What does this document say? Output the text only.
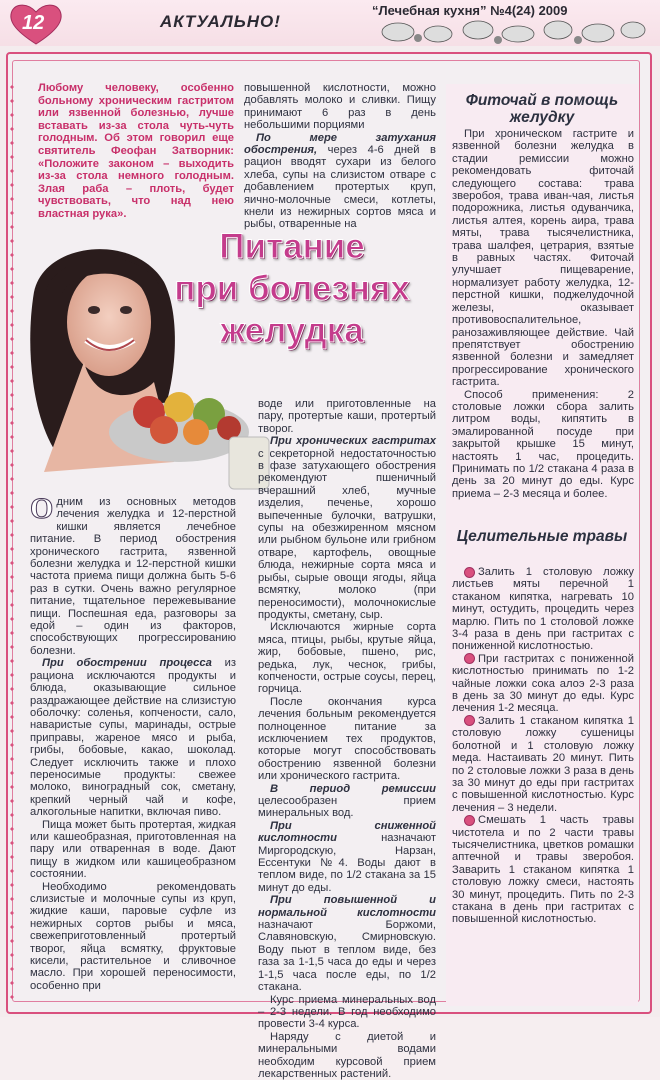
12	АКТУАЛЬНО!
“Лечебная кухня” №4(24) 2009
Любому человеку, особенно больному хроническим гастритом или язвенной болезнью, лучше вставать из-за стола чуть-чуть голодным. Об этом говорил еще святитель Феофан Затворник: «Положите законом – выходить из-за стола немного голодным. Злая раба – плоть, будет чувствовать, что над нею властная рука».

повышенной кислотности, можно добавлять молоко и сливки. Пищу принимают 6 раз в день небольшими порциями

По мере затухания обострения, через 4-6 дней в рацион вводят сухари из белого хлеба, супы на слизистом отваре с добавлением протертых круп, яично-молочные смеси, котлеты, кнели из нежирных сортов мяса и рыбы, отваренные на

Питание
при болезнях
желудка

Одним из основных методов лечения желудка и 12-перстной кишки является лечебное питание. В период обострения хронического гастрита, язвенной болезни желудка и 12-перстной кишки частота приема пищи должна быть 5-6 раз в сутки. Очень важно регулярное питание, тщательное пережевывание пищи. Поспешная еда, разговоры за едой – один из факторов, способствующих прогрессированию болезни.

При обострении процесса из рациона исключаются продукты и блюда, оказывающие сильное раздражающее действие на слизистую оболочку: соленья, копчености, сало, наваристые супы, маринады, острые приправы, жареное мясо и рыба, грибы, бобовые, какао, шоколад. Следует исключить также и плохо переносимые продукты: свежее молоко, виноградный сок, сметану, крепкий черный чай и кофе, алкогольные напитки, включая пиво.

Пища может быть протертая, жидкая или кашеобразная, приготовленная на пару или отваренная в воде. Дают пищу в жидком или кашицеобразном состоянии.

Необходимо рекомендовать слизистые и молочные супы из круп, жидкие каши, паровые суфле из нежирных сортов рыбы и мяса, свежеприготовленный протертый творог, яйца всмятку, фруктовые кисели, растительное и сливочное масло. При хорошей переносимости, особенно при

воде или приготовленные на пару, протертые каши, протертый творог.

При хронических гастритах с секреторной недостаточностью в фазе затухающего обострения рекомендуют пшеничный вчерашний хлеб, мучные изделия, печенье, хорошо выпеченные булочки, ватрушки, супы на обезжиренном мясном или рыбном бульоне или грибном отваре, картофель, овощные блюда, нежирные сорта мяса и рыбы, сырые овощи ягоды, яйца всмятку, молоко (при переносимости), молочнокислые продукты, сметану, сыр.

Исключаются жирные сорта мяса, птицы, рыбы, крутые яйца, жир, бобовые, пшено, рис, редька, лук, чеснок, грибы, копчености, острые соусы, перец, горчица.

После окончания курса лечения больным рекомендуется полноценное питание за исключением тех продуктов, которые могут способствовать обострению язвенной болезни или хронического гастрита.

В период ремиссии целесообразен прием минеральных вод.

При сниженной кислотности назначают Миргородскую, Нарзан, Ессентуки №4. Воды дают в теплом виде, по 1/2 стакана за 15 минут до еды.

При повышенной и нормальной кислотности назначают Боржоми, Славяновскую, Смирновскую. Воду пьют в теплом виде, без газа за 1-1,5 часа до еды и через 1-1,5 часа после еды, по 1/2 стакана.

Курс приема минеральных вод – 2-3 недели. В год необходимо провести 3-4 курса.

Наряду с диетой и минеральными водами необходим курсовой прием лекарственных растений.

Фиточай в помощь желудку

При хроническом гастрите и язвенной болезни желудка в стадии ремиссии можно рекомендовать фиточай следующего состава: трава зверобоя, трава иван-чая, листья подорожника, листья одуванчика, листья алтея, корень аира, трава мяты, трава тысячелистника, трава шалфея, цетрария, взятые в равных частях. Фиточай улучшает пищеварение, нормализует работу желудка, 12-перстной кишки, поджелудочной железы, оказывает противовоспалительное, ранозаживляющее действие. Чай препятствует обострению язвенной болезни и замедляет прогрессирование хронического гастрита.

Способ применения: 2 столовые ложки сбора залить литром воды, кипятить в эмалированной посуде при закрытой крышке 15 минут, настоять 1 час, процедить. Принимать по 1/2 стакана 4 раза в день за 20 минут до еды. Курс приема – 2-3 месяца и более.

Целительные травы

Залить 1 столовую ложку листьев мяты перечной 1 стаканом кипятка, нагревать 10 минут, остудить, процедить через марлю. Пить по 1 столовой ложке 3-4 раза в день при гастритах с пониженной кислотностью.

При гастритах с пониженной кислотностью принимать по 1-2 чайные ложки сока алоэ 2-3 раза в день за 30 минут до еды. Курс лечения 1-2 месяца.

Залить 1 стаканом кипятка 1 столовую ложку сушеницы болотной и 1 столовую ложку меда. Настаивать 20 минут. Пить по 2 столовые ложки 3 раза в день за 30 минут до еды при гастритах с повышенной кислотностью. Курс лечения – 3 недели.

Смешать 1 часть травы чистотела и по 2 части травы тысячелистника, цветков ромашки аптечной и травы зверобоя. Заварить 1 стаканом кипятка 1 столовую ложку смеси, настоять 30 минут, процедить. Пить по 2-3 стакана в день при гастритах с повышенной кислотностью.
